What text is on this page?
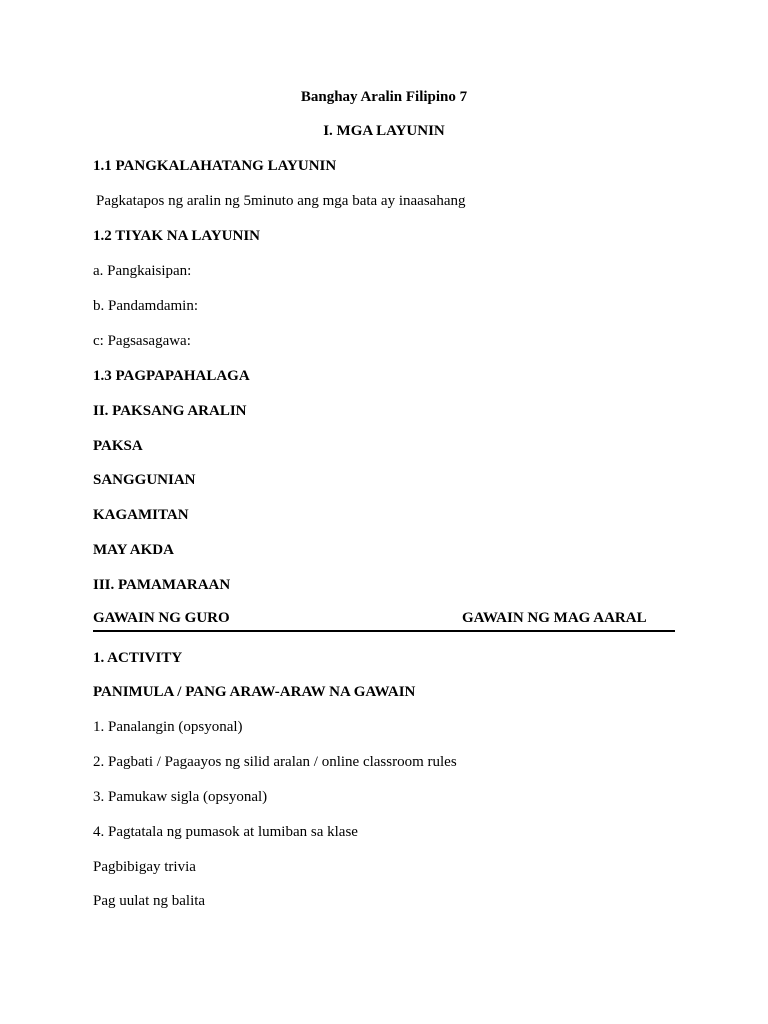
Banghay Aralin Filipino 7
I. MGA LAYUNIN
1.1 PANGKALAHATANG LAYUNIN
Pagkatapos ng aralin ng 5minuto ang mga bata ay inaasahang
1.2 TIYAK NA LAYUNIN
a. Pangkaisipan:
b. Pandamdamin:
c: Pagsasagawa:
1.3 PAGPAPAHALAGA
II. PAKSANG ARALIN
PAKSA
SANGGUNIAN
KAGAMITAN
MAY AKDA
III. PAMAMARAAN
GAWAIN NG GURO	GAWAIN NG MAG AARAL
1. ACTIVITY
PANIMULA / PANG ARAW-ARAW NA GAWAIN
1. Panalangin (opsyonal)
2. Pagbati / Pagaayos ng silid aralan / online classroom rules
3. Pamukaw sigla (opsyonal)
4. Pagtatala ng pumasok at lumiban sa klase
Pagbibigay trivia
Pag uulat ng balita
